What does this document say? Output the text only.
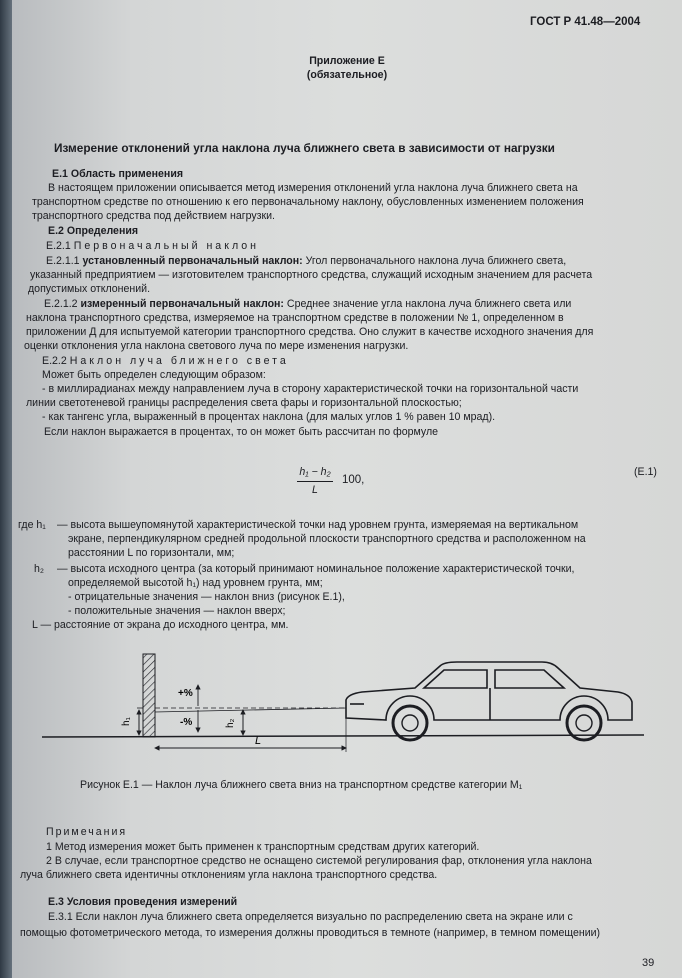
ГОСТ Р 41.48—2004
Приложение Е
(обязательное)
Измерение отклонений угла наклона луча ближнего света в зависимости от нагрузки
Е.1 Область применения
В настоящем приложении описывается метод измерения отклонений угла наклона луча ближнего света на
транспортном средстве по отношению к его первоначальному наклону, обусловленных изменением положения
транспортного средства под действием нагрузки.
Е.2 Определения
Е.2.1 Первоначальный наклон
Е.2.1.1 установленный первоначальный наклон: Угол первоначального наклона луча ближнего света,
указанный предприятием — изготовителем транспортного средства, служащий исходным значением для расчета
допустимых отклонений.
Е.2.1.2 измеренный первоначальный наклон: Среднее значение угла наклона луча ближнего света или
наклона транспортного средства, измеряемое на транспортном средстве в положении № 1, определенном в
приложении Д для испытуемой категории транспортного средства. Оно служит в качестве исходного значения для
оценки отклонения угла наклона светового луча по мере изменения нагрузки.
Е.2.2 Наклон луча ближнего света
Может быть определен следующим образом:
- в миллирадианах между направлением луча в сторону характеристической точки на горизонтальной части
линии светотеневой границы распределения света фары и горизонтальной плоскостью;
- как тангенс угла, выраженный в процентах наклона (для малых углов 1 % равен 10 мрад).
Если наклон выражается в процентах, то он может быть рассчитан по формуле
h₁ − h₂
L
100,
(Е.1)
где h₁ — высота вышеупомянутой характеристической точки над уровнем грунта, измеряемая на вертикальном
экране, перпендикулярном средней продольной плоскости транспортного средства и расположенном на
расстоянии L по горизонтали, мм;
h₂ — высота исходного центра (за который принимают номинальное положение характеристической точки,
определяемой высотой h₁) над уровнем грунта, мм;
- отрицательные значения — наклон вниз (рисунок Е.1),
- положительные значения — наклон вверх;
L — расстояние от экрана до исходного центра, мм.
h₁
+%
-%	h₂
L
Рисунок Е.1 — Наклон луча ближнего света вниз на транспортном средстве категории M₁
Примечания
1 Метод измерения может быть применен к транспортным средствам других категорий.
2 В случае, если транспортное средство не оснащено системой регулирования фар, отклонения угла наклона
луча ближнего света идентичны отклонениям угла наклона транспортного средства.
Е.3 Условия проведения измерений
Е.3.1 Если наклон луча ближнего света определяется визуально по распределению света на экране или с
помощью фотометрического метода, то измерения должны проводиться в темноте (например, в темном помещении)
39
